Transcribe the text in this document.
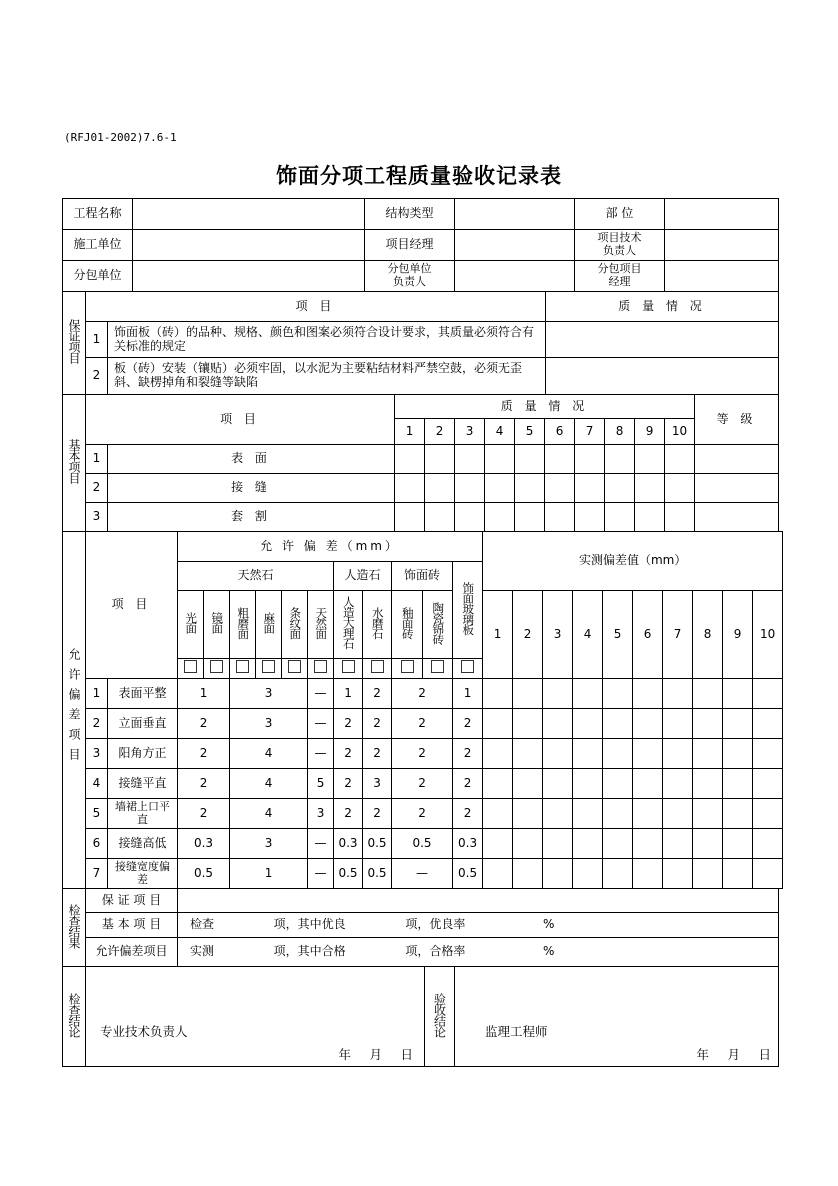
(RFJ01-2002)7.6-1
饰面分项工程质量验收记录表
工程名称		结构类型		部 位	
施工单位		项目经理		项目技术负责人	
分包单位		分包单位负责人		分包项目经理	
保证项目	项 目		质 量 情 况
	1	饰面板（砖）的品种、规格、颜色和图案必须符合设计要求，其质量必须符合有关标准的规定	
	2	板（砖）安装（镶贴）必须牢固，以水泥为主要粘结材料严禁空鼓，必须无歪斜、缺楞掉角和裂缝等缺陷	
基本项目	项 目		质 量 情 况										等 级
			1	2	3	4	5	6	7	8	9	10	
	1	表 面											
	2	接 缝											
	3	套 割											
允许偏差项目	项 目		允 许 偏 差（mm）											实测偏差值（mm）									
			天然石						人造石		饰面砖		饰面玻璃板										
			光面	镜面	粗磨面	麻面	条纹面	天然面	人造大理石	水磨石	釉面砖	陶瓷锦砖		1	2	3	4	5	6	7	8	9	10

	1	表面平整	1		3			—	1	2	2		1										
	2	立面垂直	2		3			—	2	2	2		2										
	3	阳角方正	2		4			—	2	2	2		2										
	4	接缝平直	2		4			5	2	3	2		2										
	5	墙裙上口平直	2		4			3	2	2	2		2										
	6	接缝高低	0.3		3			—	0.3	0.5	0.5		0.3										
	7	接缝宽度偏差	0.5		1			—	0.5	0.5	—		0.5										
检查结果	保 证 项 目	
	基 本 项 目	检查 项，其中优良 项，优良率 %
	允许偏差项目	实测 项，其中合格 项，合格率 %
检查结论	专业技术负责人
年　月　日
	验收结论	监理工程师
年　月　日
